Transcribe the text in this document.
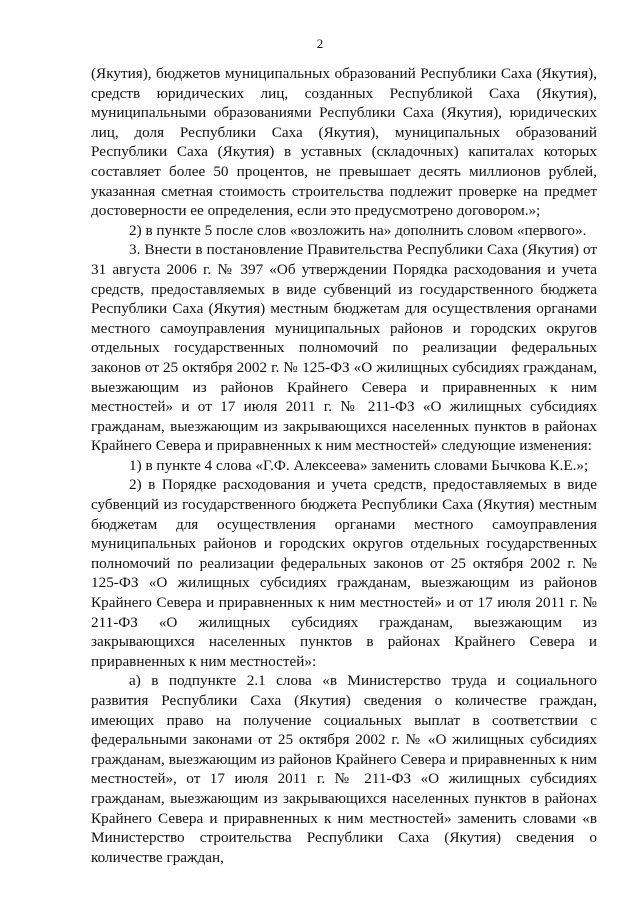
2

(Якутия), бюджетов муниципальных образований Республики Саха (Якутия), средств юридических лиц, созданных Республикой Саха (Якутия), муниципальными образованиями Республики Саха (Якутия), юридических лиц, доля Республики Саха (Якутия), муниципальных образований Республики Саха (Якутия) в уставных (складочных) капиталах которых составляет более 50 процентов, не превышает десять миллионов рублей, указанная сметная стоимость строительства подлежит проверке на предмет достоверности ее определения, если это предусмотрено договором.»;

2) в пункте 5 после слов «возложить на» дополнить словом «первого».

3. Внести в постановление Правительства Республики Саха (Якутия) от 31 августа 2006 г. № 397 «Об утверждении Порядка расходования и учета средств, предоставляемых в виде субвенций из государственного бюджета Республики Саха (Якутия) местным бюджетам для осуществления органами местного самоуправления муниципальных районов и городских округов отдельных государственных полномочий по реализации федеральных законов от 25 октября 2002 г. № 125-ФЗ «О жилищных субсидиях гражданам, выезжающим из районов Крайнего Севера и приравненных к ним местностей» и от 17 июля 2011 г. № 211-ФЗ «О жилищных субсидиях гражданам, выезжающим из закрывающихся населенных пунктов в районах Крайнего Севера и приравненных к ним местностей» следующие изменения:

1) в пункте 4 слова «Г.Ф. Алексеева» заменить словами Бычкова К.Е.»;

2) в Порядке расходования и учета средств, предоставляемых в виде субвенций из государственного бюджета Республики Саха (Якутия) местным бюджетам для осуществления органами местного самоуправления муниципальных районов и городских округов отдельных государственных полномочий по реализации федеральных законов от 25 октября 2002 г. № 125-ФЗ «О жилищных субсидиях гражданам, выезжающим из районов Крайнего Севера и приравненных к ним местностей» и от 17 июля 2011 г. № 211-ФЗ «О жилищных субсидиях гражданам, выезжающим из закрывающихся населенных пунктов в районах Крайнего Севера и приравненных к ним местностей»:

а) в подпункте 2.1 слова «в Министерство труда и социального развития Республики Саха (Якутия) сведения о количестве граждан, имеющих право на получение социальных выплат в соответствии с федеральными законами от 25 октября 2002 г. № «О жилищных субсидиях гражданам, выезжающим из районов Крайнего Севера и приравненных к ним местностей», от 17 июля 2011 г. № 211-ФЗ «О жилищных субсидиях гражданам, выезжающим из закрывающихся населенных пунктов в районах Крайнего Севера и приравненных к ним местностей» заменить словами «в Министерство строительства Республики Саха (Якутия) сведения о количестве граждан,
